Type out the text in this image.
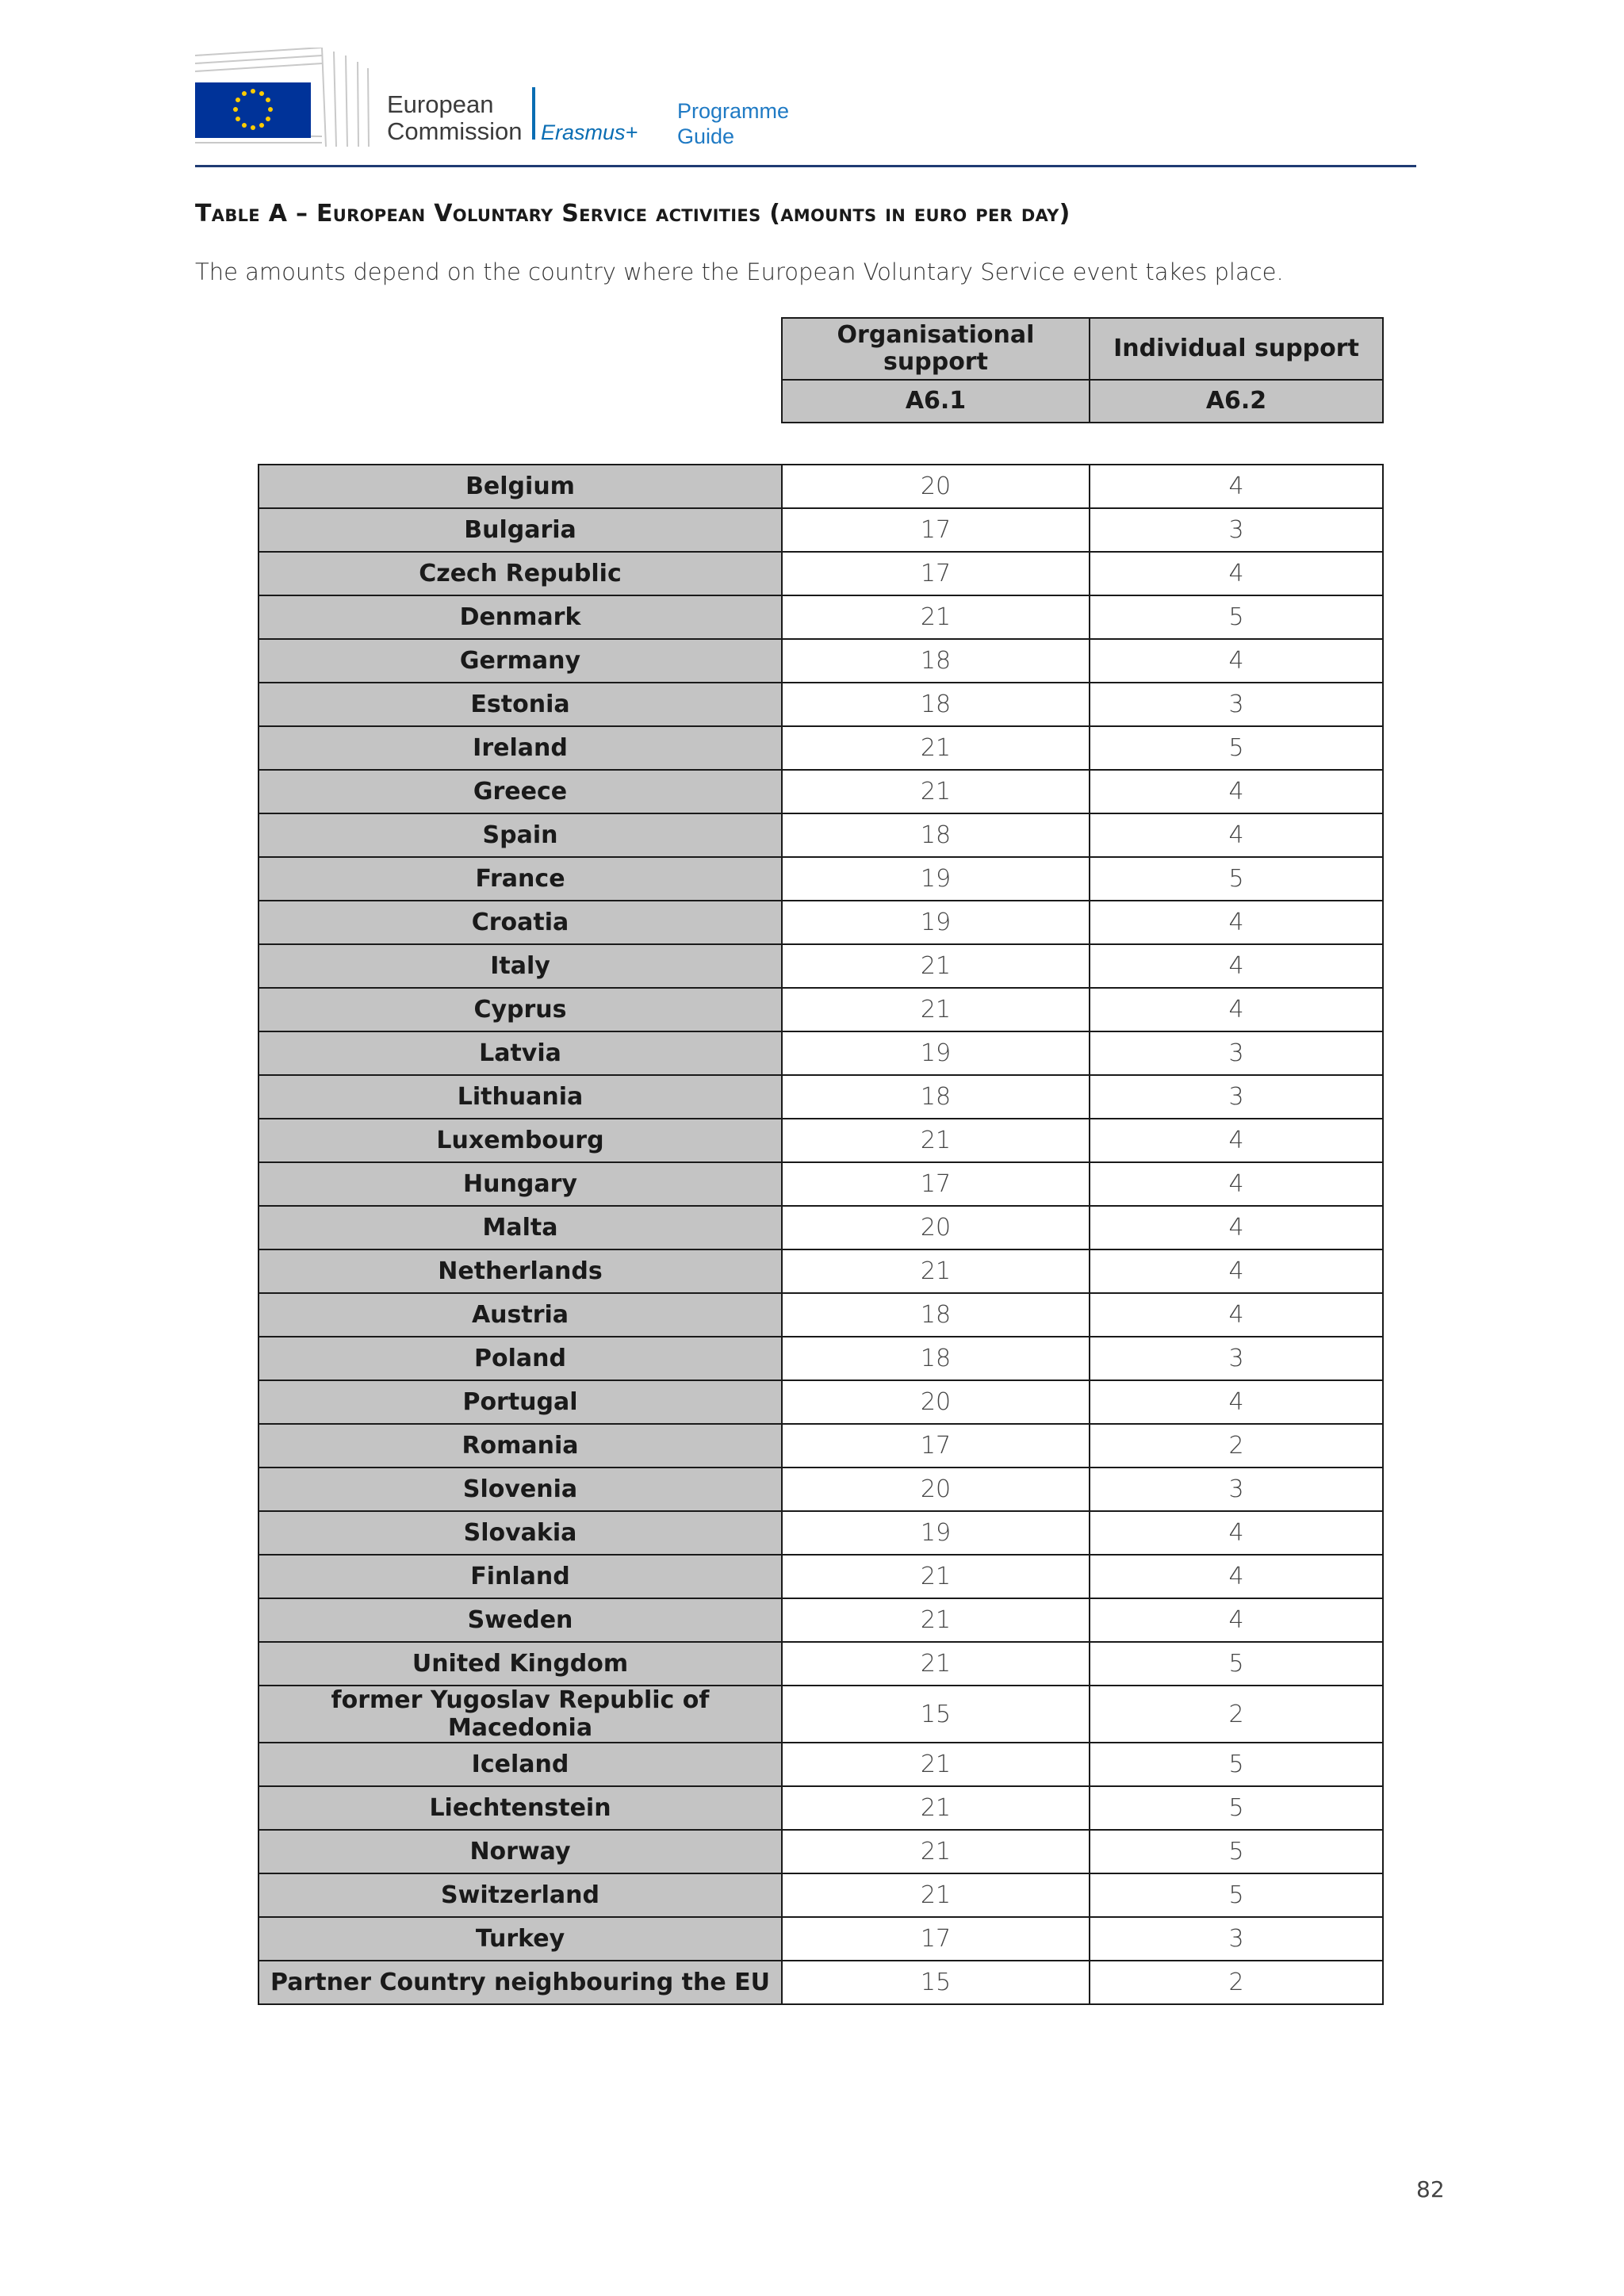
European
Commission Erasmus+
Programme
Guide
Table A – European Voluntary Service activities (amounts in euro per day)
The amounts depend on the country where the European Voluntary Service event takes place.
	Organisational support	Individual support
	A6.1	A6.2

Belgium	20	4
Bulgaria	17	3
Czech Republic	17	4
Denmark	21	5
Germany	18	4
Estonia	18	3
Ireland	21	5
Greece	21	4
Spain	18	4
France	19	5
Croatia	19	4
Italy	21	4
Cyprus	21	4
Latvia	19	3
Lithuania	18	3
Luxembourg	21	4
Hungary	17	4
Malta	20	4
Netherlands	21	4
Austria	18	4
Poland	18	3
Portugal	20	4
Romania	17	2
Slovenia	20	3
Slovakia	19	4
Finland	21	4
Sweden	21	4
United Kingdom	21	5
former Yugoslav Republic of Macedonia	15	2
Iceland	21	5
Liechtenstein	21	5
Norway	21	5
Switzerland	21	5
Turkey	17	3
Partner Country neighbouring the EU	15	2
82
